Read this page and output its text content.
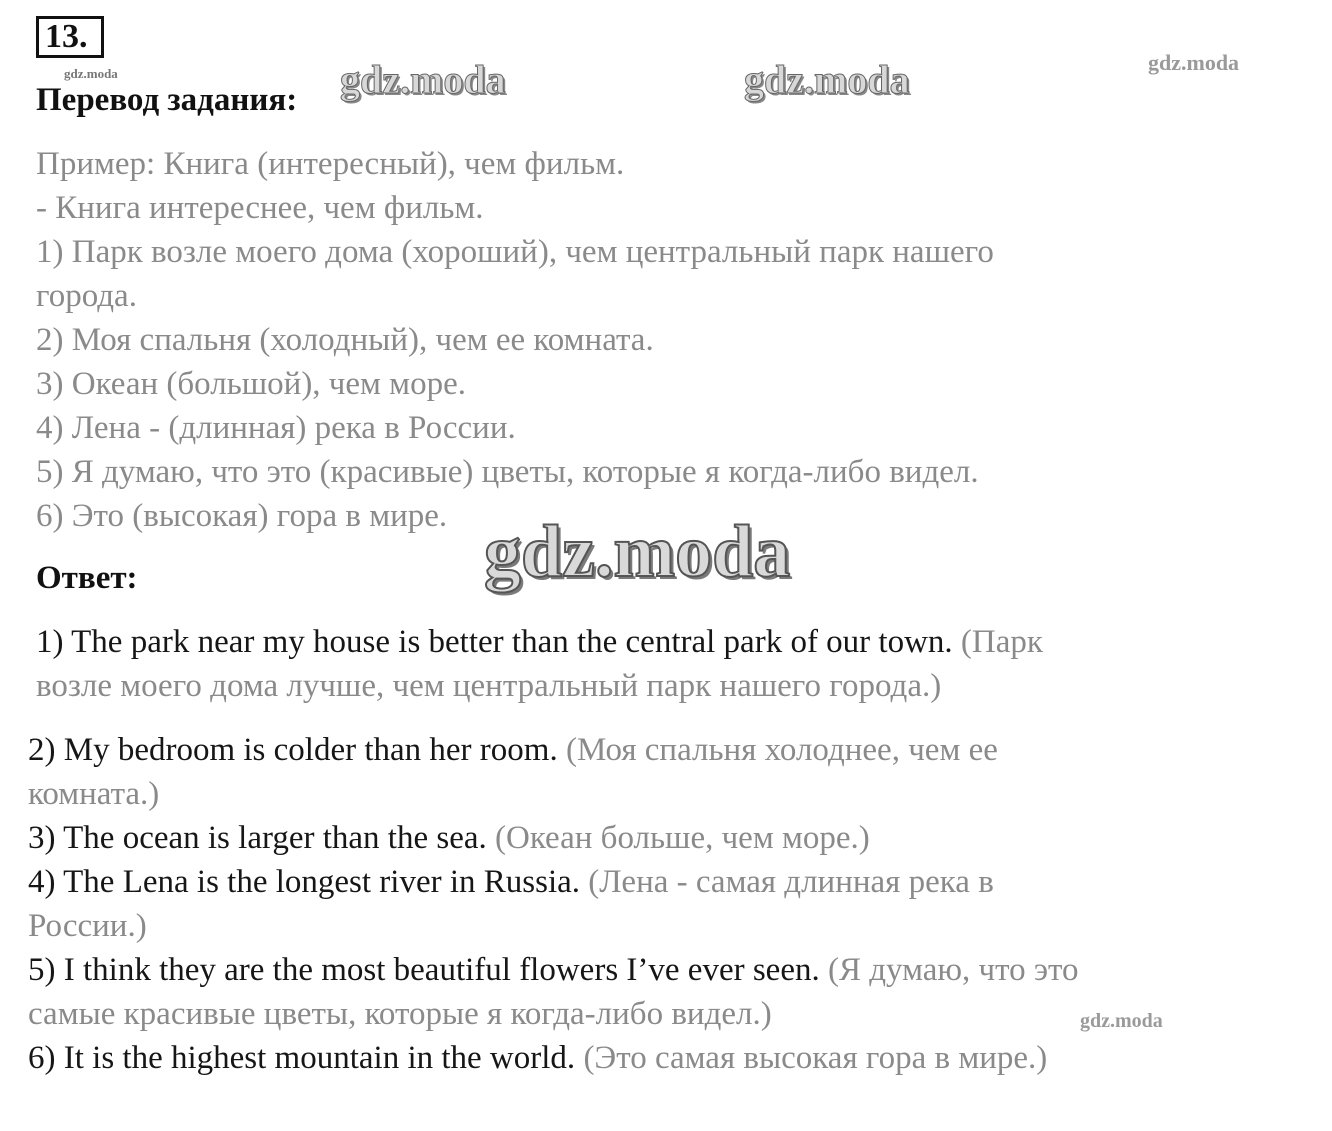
13.
gdz.moda	gdz.moda	gdz.moda	gdz.moda
Перевод задания:
Пример: Книга (интересный), чем фильм.
- Книга интереснее, чем фильм.
1) Парк возле моего дома (хороший), чем центральный парк нашего
города.
2) Моя спальня (холодный), чем ее комната.
3) Океан (большой), чем море.
4) Лена - (длинная) река в России.
5) Я думаю, что это (красивые) цветы, которые я когда-либо видел.
6) Это (высокая) гора в мире.
Ответ:	gdz.moda
1) The park near my house is better than the central park of our town. (Парк
возле моего дома лучше, чем центральный парк нашего города.)
2) My bedroom is colder than her room. (Моя спальня холоднее, чем ее
комната.)
3) The ocean is larger than the sea. (Океан больше, чем море.)
4) The Lena is the longest river in Russia. (Лена - самая длинная река в
России.)
5) I think they are the most beautiful flowers I’ve ever seen. (Я думаю, что это
самые красивые цветы, которые я когда-либо видел.)
6) It is the highest mountain in the world. (Это самая высокая гора в мире.)
gdz.moda
